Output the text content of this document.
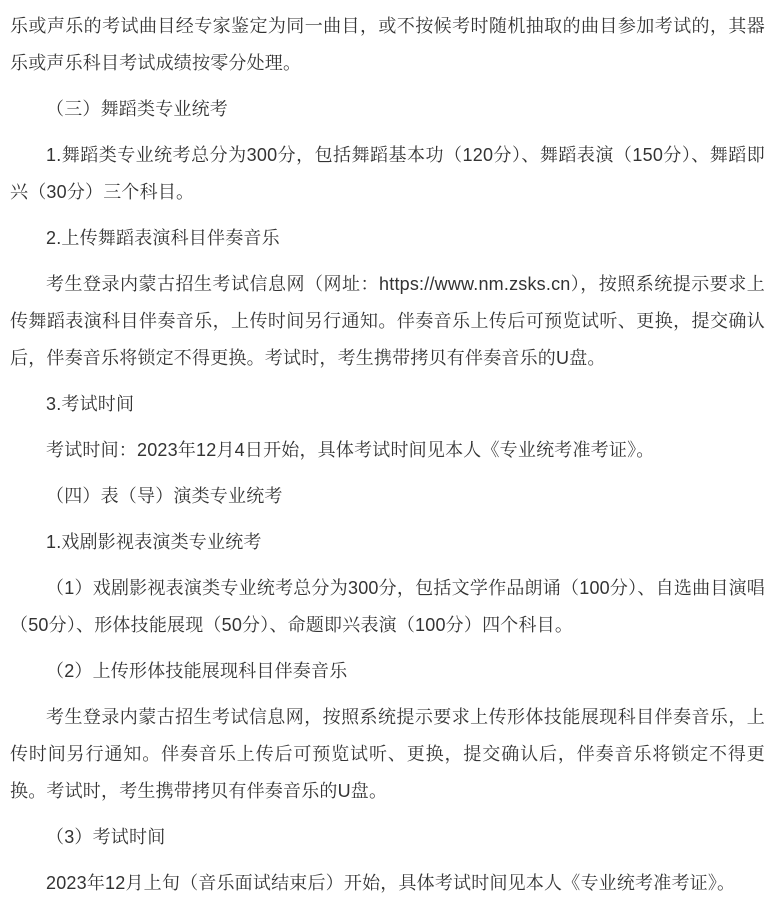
乐或声乐的考试曲目经专家鉴定为同一曲目，或不按候考时随机抽取的曲目参加考试的，其器乐或声乐科目考试成绩按零分处理。

（三）舞蹈类专业统考

1.舞蹈类专业统考总分为300分，包括舞蹈基本功（120分）、舞蹈表演（150分）、舞蹈即兴（30分）三个科目。

2.上传舞蹈表演科目伴奏音乐

考生登录内蒙古招生考试信息网（网址：https://www.nm.zsks.cn），按照系统提示要求上传舞蹈表演科目伴奏音乐，上传时间另行通知。伴奏音乐上传后可预览试听、更换，提交确认后，伴奏音乐将锁定不得更换。考试时，考生携带拷贝有伴奏音乐的U盘。

3.考试时间

考试时间：2023年12月4日开始，具体考试时间见本人《专业统考准考证》。

（四）表（导）演类专业统考

1.戏剧影视表演类专业统考

（1）戏剧影视表演类专业统考总分为300分，包括文学作品朗诵（100分）、自选曲目演唱（50分）、形体技能展现（50分）、命题即兴表演（100分）四个科目。

（2）上传形体技能展现科目伴奏音乐

考生登录内蒙古招生考试信息网，按照系统提示要求上传形体技能展现科目伴奏音乐，上传时间另行通知。伴奏音乐上传后可预览试听、更换，提交确认后，伴奏音乐将锁定不得更换。考试时，考生携带拷贝有伴奏音乐的U盘。

（3）考试时间

2023年12月上旬（音乐面试结束后）开始，具体考试时间见本人《专业统考准考证》。
